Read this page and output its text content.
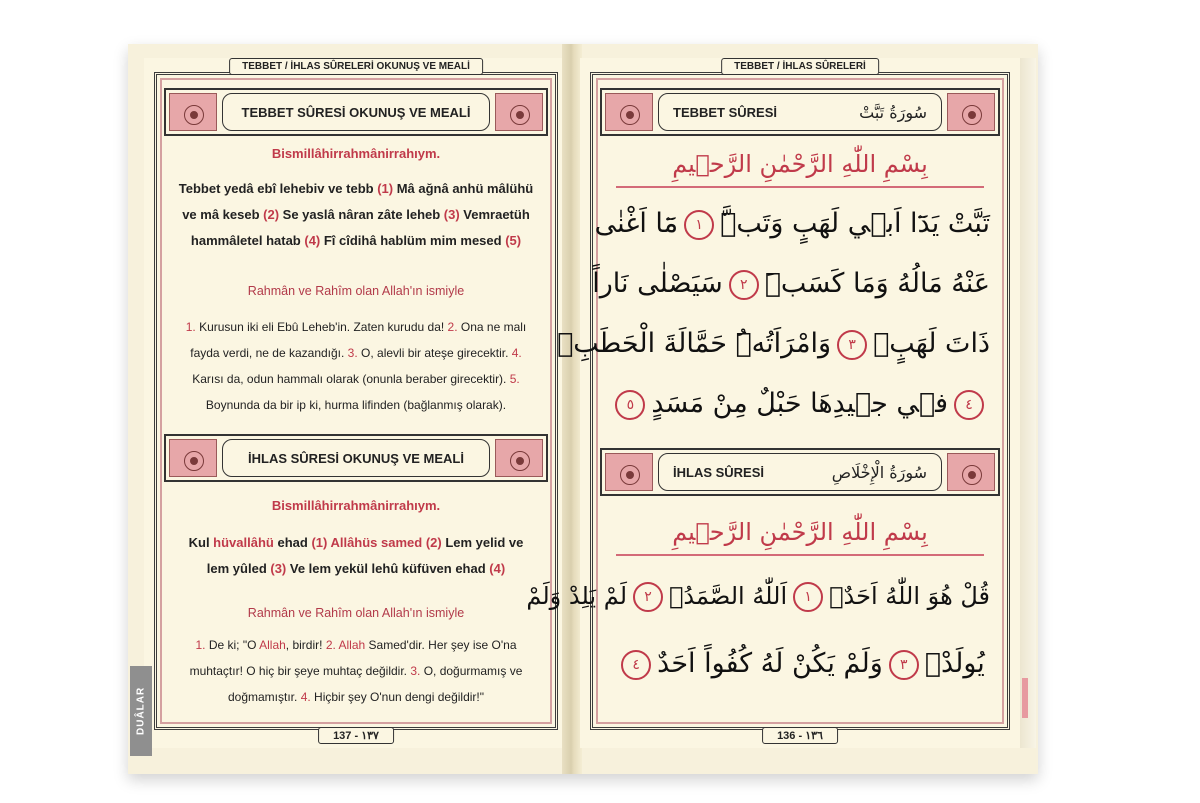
TEBBET / İHLAS SÛRELERİ OKUNUŞ VE MEALİ
TEBBET SÛRESİ OKUNUŞ VE MEALİ
Bismillâhirrahmânirrahıym.
Tebbet yedâ ebî lehebiv ve tebb (1) Mâ ağnâ anhü mâlühü
ve mâ keseb (2) Se yaslâ nâran zâte leheb (3) Vemraetüh
hammâletel hatab (4) Fî cîdihâ hablüm mim mesed (5)
Rahmân ve Rahîm olan Allah'ın ismiyle
1. Kurusun iki eli Ebû Leheb'in. Zaten kurudu da! 2. Ona ne malı
fayda verdi, ne de kazandığı. 3. O, alevli bir ateşe girecektir. 4.
Karısı da, odun hammalı olarak (onunla beraber girecektir). 5.
Boynunda da bir ip ki, hurma lifinden (bağlanmış olarak).
İHLAS SÛRESİ OKUNUŞ VE MEALİ
Bismillâhirrahmânirrahıym.
Kul hüvallâhü ehad (1) Allâhüs samed (2) Lem yelid ve
lem yûled (3) Ve lem yekül lehû küfüven ehad (4)
Rahmân ve Rahîm olan Allah'ın ismiyle
1. De ki; "O Allah, birdir! 2. Allah Samed'dir. Her şey ise O'na
muhtaçtır! O hiç bir şeye muhtaç değildir. 3. O, doğurmamış ve
doğmamıştır. 4. Hiçbir şey O'nun dengi değildir!"
137 - ١٣٧
DUÂLAR
TEBBET / İHLAS SÛRELERİ
TEBBET SÛRESİ	سُورَةُ تَبَّتْ
بِسْمِ اللّٰهِ الرَّحْمٰنِ الرَّح۪يمِ
تَبَّتْ يَدَٓا اَب۪ي لَهَبٍ وَتَبَّۜ١مَٓا اَغْنٰى
عَنْهُ مَالُهُ وَمَا كَسَبَۜ٢سَيَصْلٰى نَاراً
ذَاتَ لَهَبٍۚ٣وَامْرَاَتُهُۜ حَمَّالَةَ الْحَطَبِۚ
٤ف۪ي ج۪يدِهَا حَبْلٌ مِنْ مَسَدٍ٥
İHLAS SÛRESİ	سُورَةُ الْإِخْلَاصِ
بِسْمِ اللّٰهِ الرَّحْمٰنِ الرَّح۪يمِ
قُلْ هُوَ اللّٰهُ اَحَدٌۚ١اَللّٰهُ الصَّمَدُۚ٢لَمْ يَلِدْ وَلَمْ
يُولَدْۙ٣وَلَمْ يَكُنْ لَهُ كُفُواً اَحَدٌ٤
136 - ١٣٦
